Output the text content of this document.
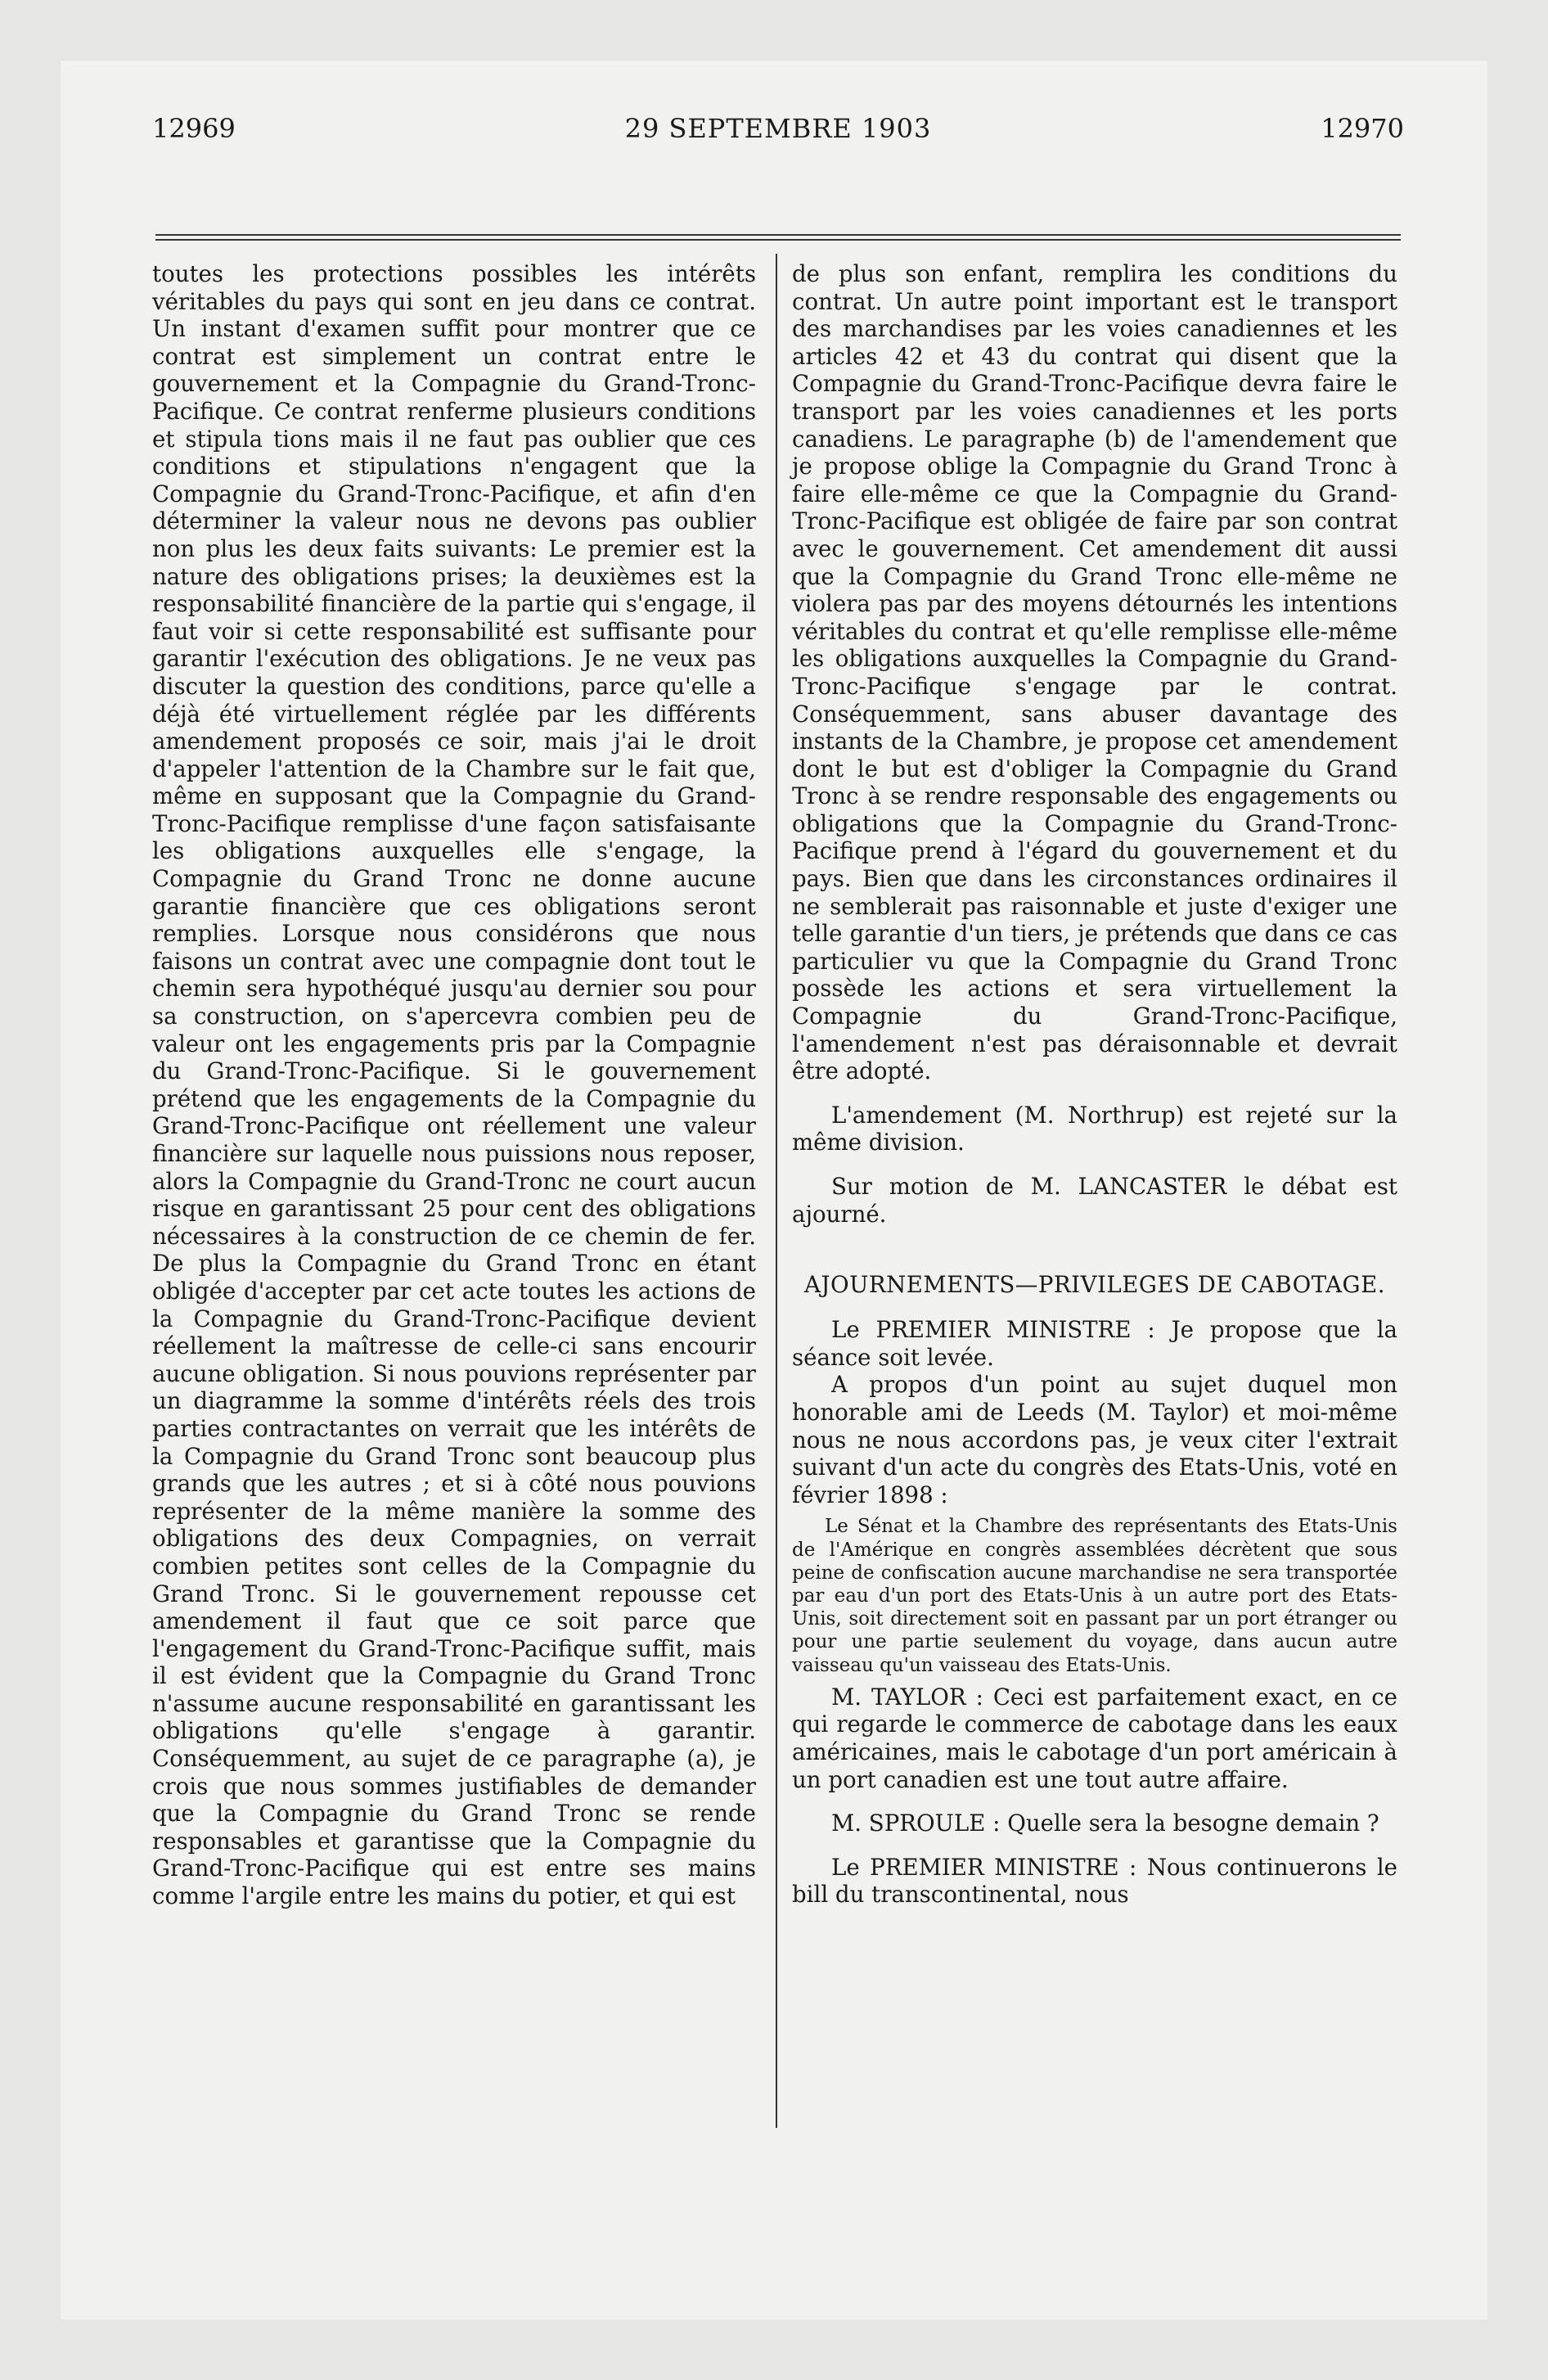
12969	29 SEPTEMBRE 1903	12970

toutes les protections possibles les intérêts véritables du pays qui sont en jeu dans ce contrat. Un instant d'examen suffit pour montrer que ce contrat est simplement un contrat entre le gouvernement et la Compagnie du Grand-Tronc-Pacifique. Ce contrat renferme plusieurs conditions et stipula tions mais il ne faut pas oublier que ces conditions et stipulations n'engagent que la Compagnie du Grand-Tronc-Pacifique, et afin d'en déterminer la valeur nous ne devons pas oublier non plus les deux faits suivants: Le premier est la nature des obligations prises; la deuxièmes est la responsabilité financière de la partie qui s'engage, il faut voir si cette responsabilité est suffisante pour garantir l'exécution des obligations. Je ne veux pas discuter la question des conditions, parce qu'elle a déjà été virtuellement réglée par les différents amendement proposés ce soir, mais j'ai le droit d'appeler l'attention de la Chambre sur le fait que, même en supposant que la Compagnie du Grand-Tronc-Pacifique remplisse d'une façon satisfaisante les obligations auxquelles elle s'engage, la Compagnie du Grand Tronc ne donne aucune garantie financière que ces obligations seront remplies. Lorsque nous considérons que nous faisons un contrat avec une compagnie dont tout le chemin sera hypothéqué jusqu'au dernier sou pour sa construction, on s'apercevra combien peu de valeur ont les engagements pris par la Compagnie du Grand-Tronc-Pacifique. Si le gouvernement prétend que les engagements de la Compagnie du Grand-Tronc-Pacifique ont réellement une valeur financière sur laquelle nous puissions nous reposer, alors la Compagnie du Grand-Tronc ne court aucun risque en garantissant 25 pour cent des obligations nécessaires à la construction de ce chemin de fer. De plus la Compagnie du Grand Tronc en étant obligée d'accepter par cet acte toutes les actions de la Compagnie du Grand-Tronc-Pacifique devient réellement la maîtresse de celle-ci sans encourir aucune obligation. Si nous pouvions représenter par un diagramme la somme d'intérêts réels des trois parties contractantes on verrait que les intérêts de la Compagnie du Grand Tronc sont beaucoup plus grands que les autres ; et si à côté nous pouvions représenter de la même manière la somme des obligations des deux Compagnies, on verrait combien petites sont celles de la Compagnie du Grand Tronc. Si le gouvernement repousse cet amendement il faut que ce soit parce que l'engagement du Grand-Tronc-Pacifique suffit, mais il est évident que la Compagnie du Grand Tronc n'assume aucune responsabilité en garantissant les obligations qu'elle s'engage à garantir. Conséquemment, au sujet de ce paragraphe (a), je crois que nous sommes justifiables de demander que la Compagnie du Grand Tronc se rende responsables et garantisse que la Compagnie du Grand-Tronc-Pacifique qui est entre ses mains comme l'argile entre les mains du potier, et qui est

de plus son enfant, remplira les conditions du contrat. Un autre point important est le transport des marchandises par les voies canadiennes et les articles 42 et 43 du contrat qui disent que la Compagnie du Grand-Tronc-Pacifique devra faire le transport par les voies canadiennes et les ports canadiens. Le paragraphe (b) de l'amendement que je propose oblige la Compagnie du Grand Tronc à faire elle-même ce que la Compagnie du Grand-Tronc-Pacifique est obligée de faire par son contrat avec le gouvernement. Cet amendement dit aussi que la Compagnie du Grand Tronc elle-même ne violera pas par des moyens détournés les intentions véritables du contrat et qu'elle remplisse elle-même les obligations auxquelles la Compagnie du Grand-Tronc-Pacifique s'engage par le contrat. Conséquemment, sans abuser davantage des instants de la Chambre, je propose cet amendement dont le but est d'obliger la Compagnie du Grand Tronc à se rendre responsable des engagements ou obligations que la Compagnie du Grand-Tronc-Pacifique prend à l'égard du gouvernement et du pays. Bien que dans les circonstances ordinaires il ne semblerait pas raisonnable et juste d'exiger une telle garantie d'un tiers, je prétends que dans ce cas particulier vu que la Compagnie du Grand Tronc possède les actions et sera virtuellement la Compagnie du Grand-Tronc-Pacifique, l'amendement n'est pas déraisonnable et devrait être adopté.

L'amendement (M. Northrup) est rejeté sur la même division.

Sur motion de M. LANCASTER le débat est ajourné.

AJOURNEMENTS—PRIVILEGES DE CABOTAGE.

Le PREMIER MINISTRE : Je propose que la séance soit levée.

A propos d'un point au sujet duquel mon honorable ami de Leeds (M. Taylor) et moi-même nous ne nous accordons pas, je veux citer l'extrait suivant d'un acte du congrès des Etats-Unis, voté en février 1898 :

Le Sénat et la Chambre des représentants des Etats-Unis de l'Amérique en congrès assemblées décrètent que sous peine de confiscation aucune marchandise ne sera transportée par eau d'un port des Etats-Unis à un autre port des Etats-Unis, soit directement soit en passant par un port étranger ou pour une partie seulement du voyage, dans aucun autre vaisseau qu'un vaisseau des Etats-Unis.

M. TAYLOR : Ceci est parfaitement exact, en ce qui regarde le commerce de cabotage dans les eaux américaines, mais le cabotage d'un port américain à un port canadien est une tout autre affaire.

M. SPROULE : Quelle sera la besogne demain ?

Le PREMIER MINISTRE : Nous continuerons le bill du transcontinental, nous
